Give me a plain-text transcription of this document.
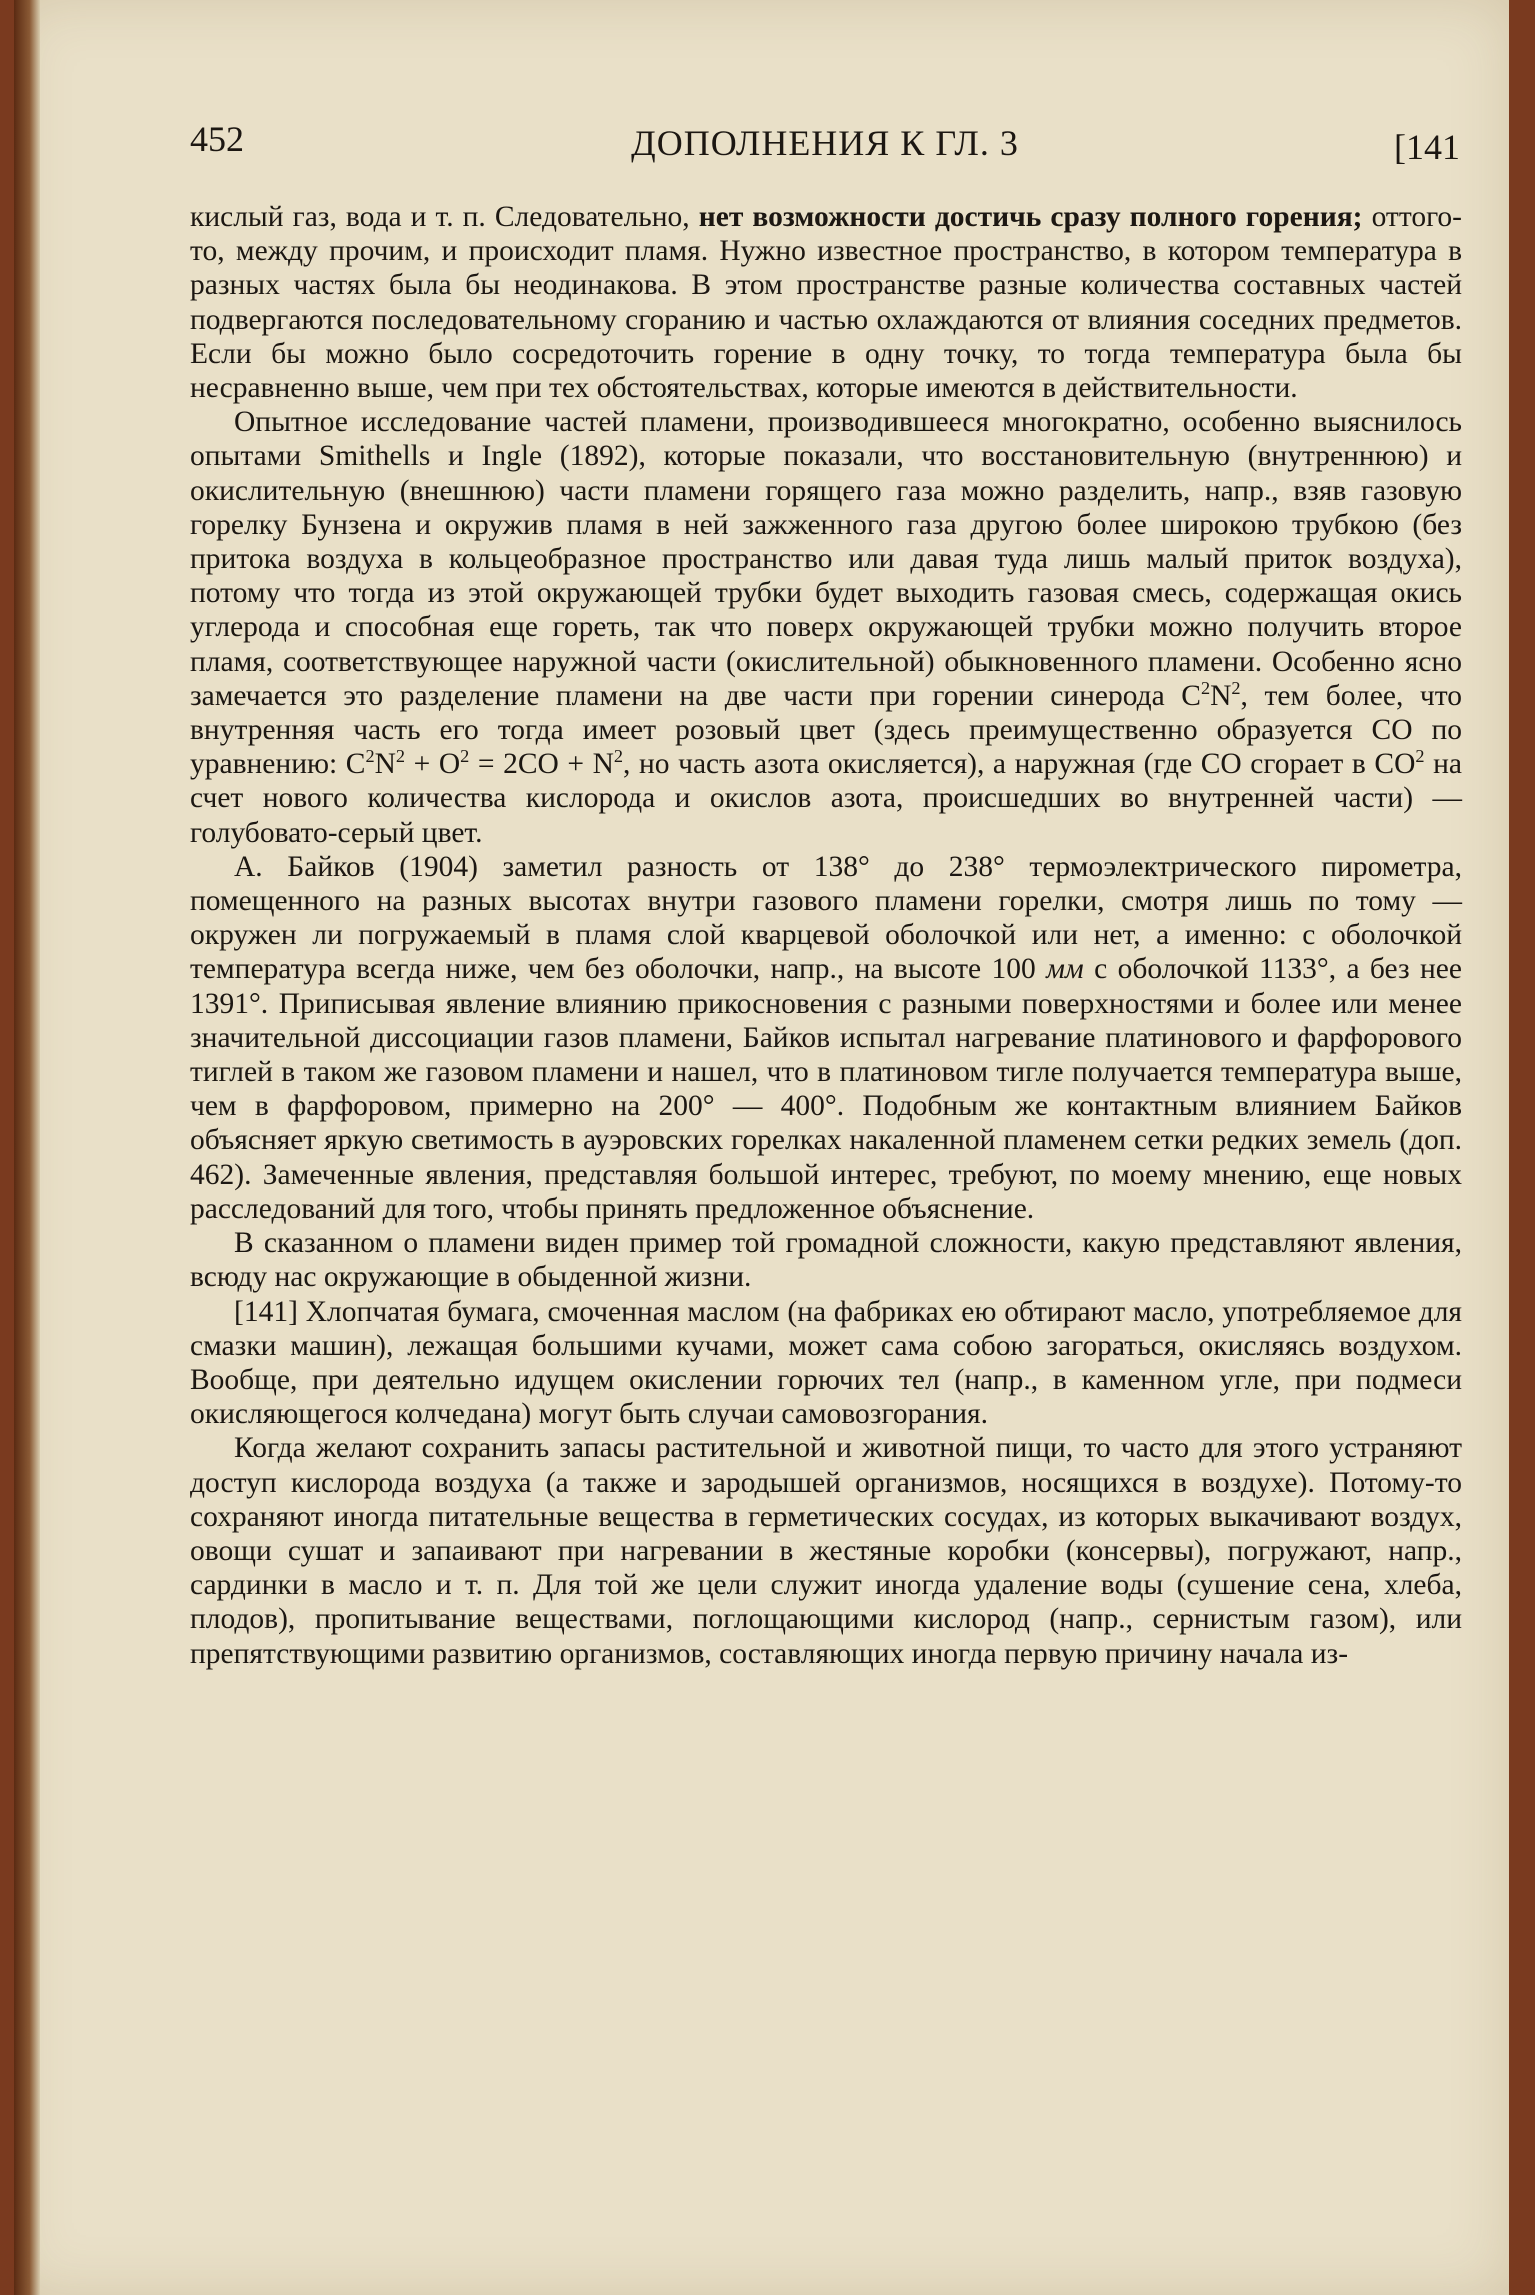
452	ДОПОЛНЕНИЯ К ГЛ. 3	[141

кислый газ, вода и т. п. Следовательно, нет возможности достичь сразу полного горения; оттого-то, между прочим, и происходит пламя. Нужно известное пространство, в котором температура в разных частях была бы неодинакова. В этом пространстве разные количества составных частей подвергаются последовательному сгоранию и частью охлаждаются от влияния соседних предметов. Если бы можно было сосредоточить горение в одну точку, то тогда температура была бы несравненно выше, чем при тех обстоятельствах, которые имеются в действительности.

Опытное исследование частей пламени, производившееся многократно, особенно выяснилось опытами Smithells и Ingle (1892), которые показали, что восстановительную (внутреннюю) и окислительную (внешнюю) части пламени горящего газа можно разделить, напр., взяв газовую горелку Бунзена и окружив пламя в ней зажженного газа другою более широкою трубкою (без притока воздуха в кольцеобразное пространство или давая туда лишь малый приток воздуха), потому что тогда из этой окружающей трубки будет выходить газовая смесь, содержащая окись углерода и способная еще гореть, так что поверх окружающей трубки можно получить второе пламя, соответствующее наружной части (окислительной) обыкновенного пламени. Особенно ясно замечается это разделение пламени на две части при горении синерода $C^2N^2$, тем более, что внутренняя часть его тогда имеет розовый цвет (здесь преимущественно образуется CO по уравнению: $C^2N^2 + O^2 = 2CO + N^2$, но часть азота окисляется), а наружная (где CO сгорает в $CO^2$ на счет нового количества кислорода и окислов азота, происшедших во внутренней части) — голубовато-серый цвет.

А. Байков (1904) заметил разность от 138° до 238° термоэлектрического пирометра, помещенного на разных высотах внутри газового пламени горелки, смотря лишь по тому — окружен ли погружаемый в пламя слой кварцевой оболочкой или нет, а именно: с оболочкой температура всегда ниже, чем без оболочки, напр., на высоте 100 мм с оболочкой 1133°, а без нее 1391°. Приписывая явление влиянию прикосновения с разными поверхностями и более или менее значительной диссоциации газов пламени, Байков испытал нагревание платинового и фарфорового тиглей в таком же газовом пламени и нашел, что в платиновом тигле получается температура выше, чем в фарфоровом, примерно на 200° — 400°. Подобным же контактным влиянием Байков объясняет яркую светимость в ауэровских горелках накаленной пламенем сетки редких земель (доп. 462). Замеченные явления, представляя большой интерес, требуют, по моему мнению, еще новых расследований для того, чтобы принять предложенное объяснение.

В сказанном о пламени виден пример той громадной сложности, какую представляют явления, всюду нас окружающие в обыденной жизни.

[141] Хлопчатая бумага, смоченная маслом (на фабриках ею обтирают масло, употребляемое для смазки машин), лежащая большими кучами, может сама собою загораться, окисляясь воздухом. Вообще, при деятельно идущем окислении горючих тел (напр., в каменном угле, при подмеси окисляющегося колчедана) могут быть случаи самовозгорания.

Когда желают сохранить запасы растительной и животной пищи, то часто для этого устраняют доступ кислорода воздуха (а также и зародышей организмов, носящихся в воздухе). Потому-то сохраняют иногда питательные вещества в герметических сосудах, из которых выкачивают воздух, овощи сушат и запаивают при нагревании в жестяные коробки (консервы), погружают, напр., сардинки в масло и т. п. Для той же цели служит иногда удаление воды (сушение сена, хлеба, плодов), пропитывание веществами, поглощающими кислород (напр., сернистым газом), или препятствующими развитию организмов, составляющих иногда первую причину начала из-
